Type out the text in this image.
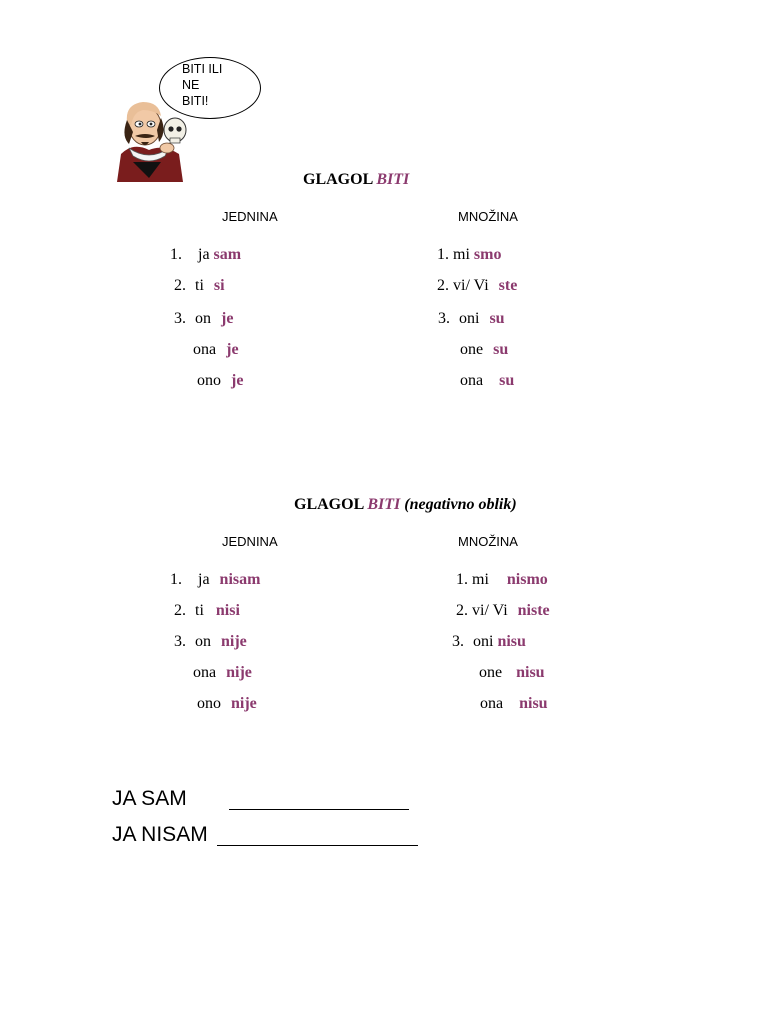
BITI ILI
NE
BITI!
GLAGOL BITI
JEDNINA	MNOŽINA
1. ja sam
2. ti si
3. on je
ona je
ono je
1. mi smo
2. vi/ Vi ste
3. oni su
one su
ona su
GLAGOL BITI (negativno oblik)
JEDNINA	MNOŽINA
1. ja nisam
2. ti nisi
3. on nije
ona nije
ono nije
1. mi nismo
2. vi/ Vi niste
3. oni nisu
one nisu
ona nisu
JA SAM
JA NISAM
